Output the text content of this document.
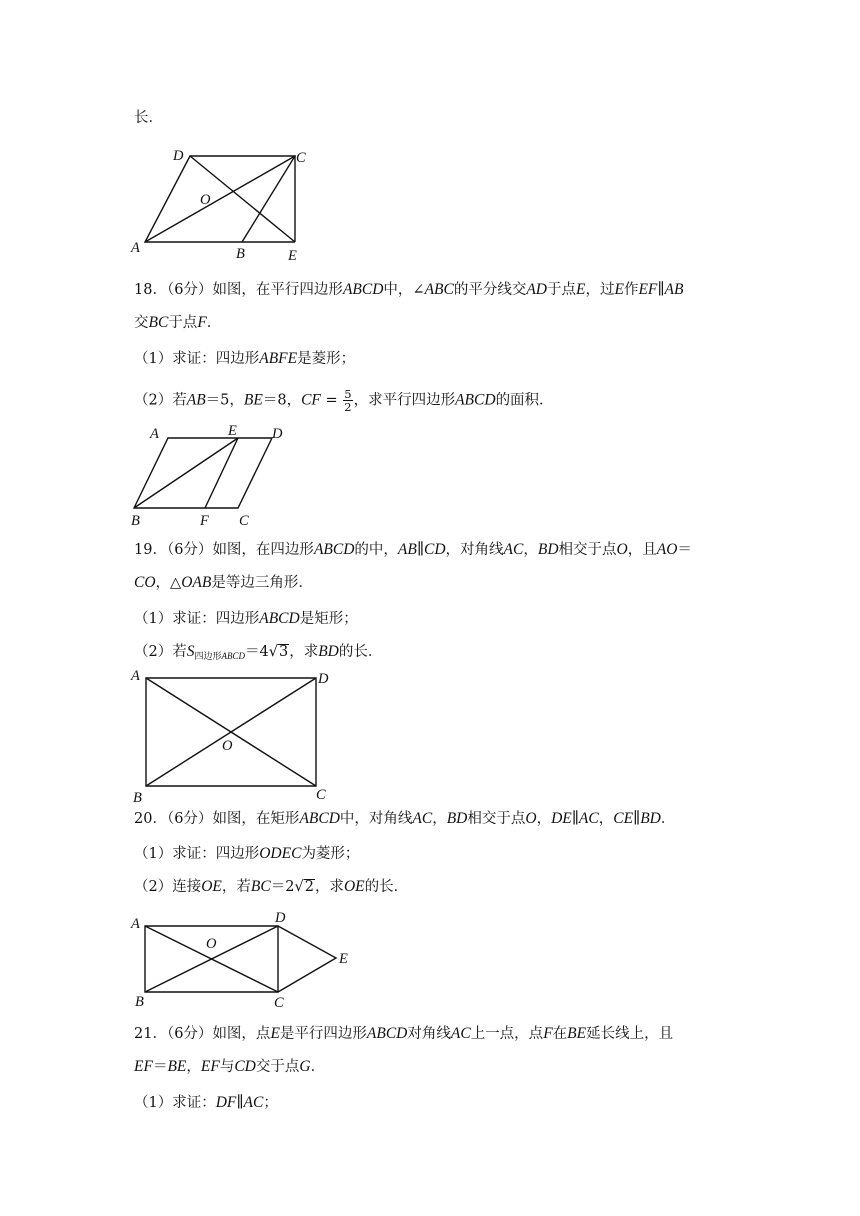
长．
D	C
O
A	B	E
18．（6分）如图，在平行四边形ABCD中，∠ABC的平分线交AD于点E，过E作EF∥AB
交BC于点F．
（1）求证：四边形ABFE是菱形；
（2）若AB＝5，BE＝8，CF = $\frac{5}{2}$ ，求平行四边形ABCD的面积．
A	E D
B	F C
19．（6分）如图，在四边形ABCD的中，AB∥CD，对角线AC，BD相交于点O，且AO＝
CO，△OAB是等边三角形．
（1）求证：四边形ABCD是矩形；
（2）若$S_{四边形ABCD}=4√3$，求BD的长．
A	D
O
B	C
20．（6分）如图，在矩形ABCD中，对角线AC，BD相交于点O，DE∥AC，CE∥BD．
（1）求证：四边形ODEC为菱形；
（2）连接OE，若BC＝2√2，求OE的长．
A	D
O
E
B	C
21．（6分）如图，点E是平行四边形ABCD对角线AC上一点，点F在BE延长线上，且
EF＝BE，EF与CD交于点G．
（1）求证：DF∥AC；
